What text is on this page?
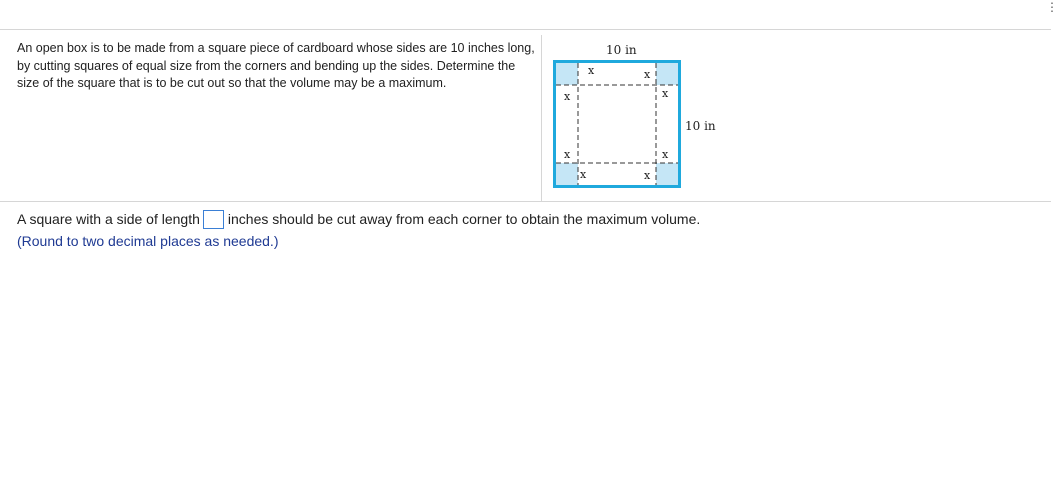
⋮
An open box is to be made from a square piece of cardboard whose sides are 10 inches long, by cutting squares of equal size from the corners and bending up the sides. Determine the size of the square that is to be cut out so that the volume may be a maximum.
10 in
x	x
x	x
x	x
x	x
10 in
A square with a side of length inches should be cut away from each corner to obtain the maximum volume.
(Round to two decimal places as needed.)
